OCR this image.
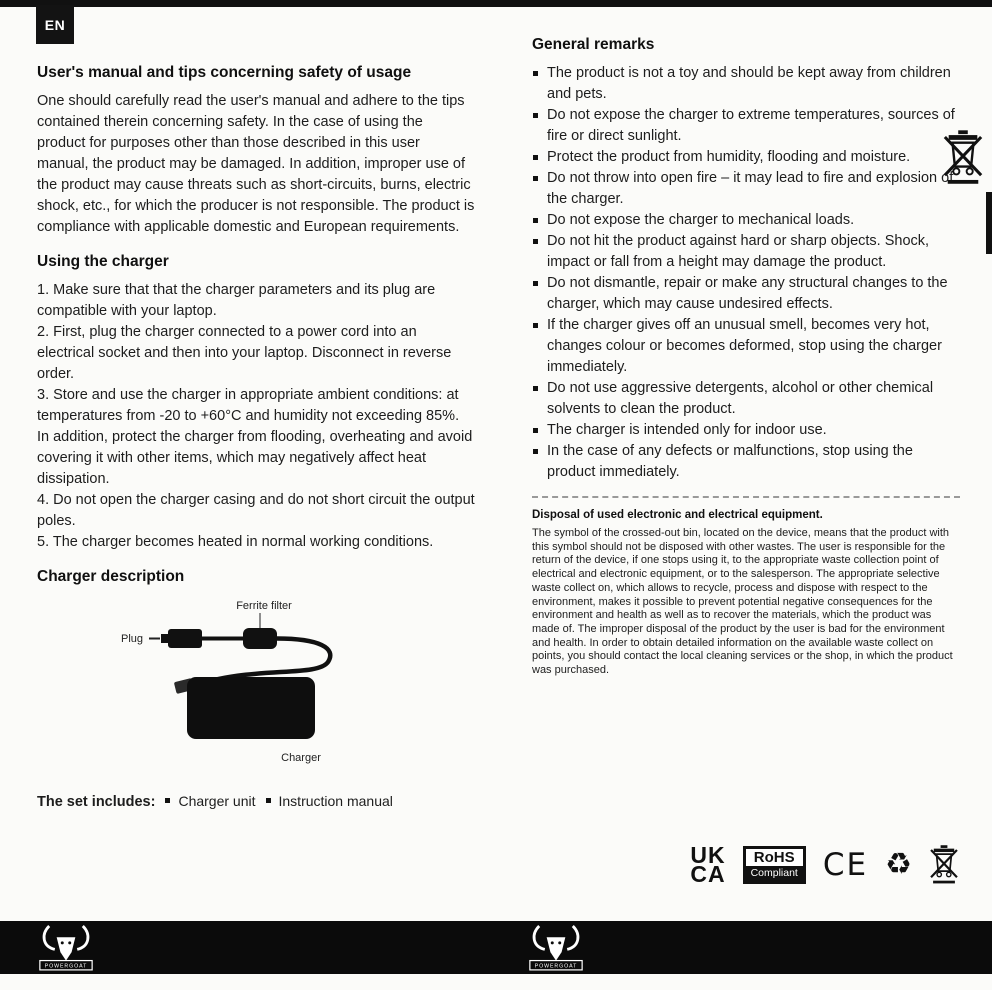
EN
User's manual and tips concerning safety of usage

One should carefully read the user's manual and adhere to the tips contained therein concerning safety. In the case of using the product for purposes other than those described in this user manual, the product may be damaged. In addition, improper use of the product may cause threats such as short-circuits, burns, electric shock, etc., for which the producer is not responsible. The product is compliance with applicable domestic and European requirements.

Using the charger

1. Make sure that that the charger parameters and its plug are compatible with your laptop.

2. First, plug the charger connected to a power cord into an electrical socket and then into your laptop. Disconnect in reverse order.

3. Store and use the charger in appropriate ambient conditions: at temperatures from -20 to +60°C and humidity not exceeding 85%. In addition, protect the charger from flooding, overheating and avoid covering it with other items, which may negatively affect heat dissipation.

4. Do not open the charger casing and do not short circuit the output poles.

5. The charger becomes heated in normal working conditions.

Charger description
Ferrite filter
Plug
Charger
The set includes:	Charger unit	Instruction manual
General remarks
The product is not a toy and should be kept away from children and pets.
Do not expose the charger to extreme temperatures, sources of fire or direct sunlight.
Protect the product from humidity, flooding and moisture.
Do not throw into open fire – it may lead to fire and explosion of the charger.
Do not expose the charger to mechanical loads.
Do not hit the product against hard or sharp objects. Shock, impact or fall from a height may damage the product.
Do not dismantle, repair or make any structural changes to the charger, which may cause undesired effects.
If the charger gives off an unusual smell, becomes very hot, changes colour or becomes deformed, stop using the charger immediately.
Do not use aggressive detergents, alcohol or other chemical solvents to clean the product.
The charger is intended only for indoor use.
In the case of any defects or malfunctions, stop using the product immediately.
Disposal of used electronic and electrical equipment.

The symbol of the crossed-out bin, located on the device, means that the product with this symbol should not be disposed with other wastes. The user is responsible for the return of the device, if one stops using it, to the appropriate waste collection point of electrical and electronic equipment, or to the salesperson. The appropriate selective waste collect on, which allows to recycle, process and dispose with respect to the environment, makes it possible to prevent potential negative consequences for the environment and health as well as to recover the materials, which the product was made of. The improper disposal of the product by the user is bad for the environment and health. In order to obtain detailed information on the available waste collect on points, you should contact the local cleaning services or the shop, in which the product was purchased.

UK
CA
RoHS
Compliant CE ♻
